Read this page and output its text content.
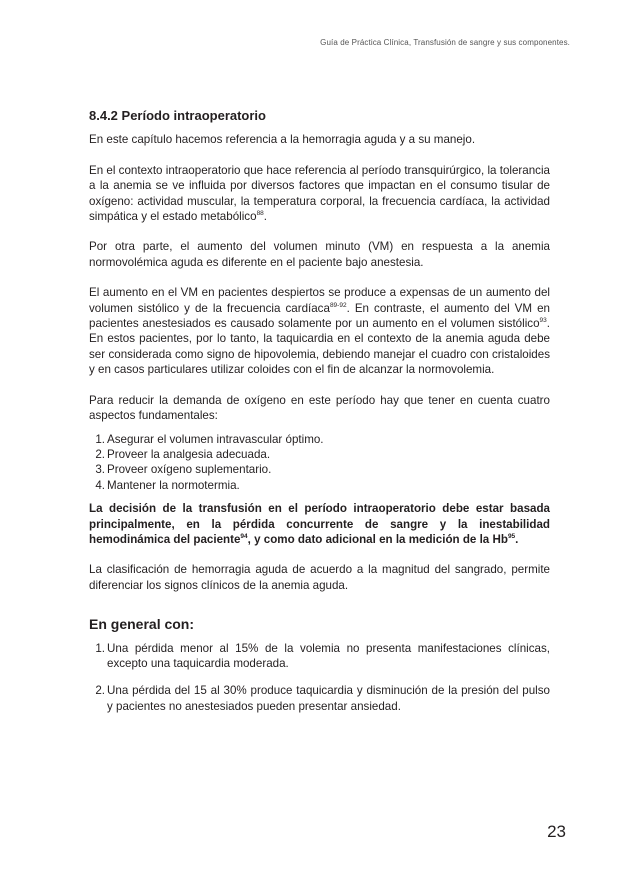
Guía de Práctica Clínica, Transfusión de sangre y sus componentes.
8.4.2 Período intraoperatorio

En este capítulo hacemos referencia a la hemorragia aguda y a su manejo.

En el contexto intraoperatorio que hace referencia al período transquirúrgico, la tolerancia a la anemia se ve influida por diversos factores que impactan en el consumo tisular de oxígeno: actividad muscular, la temperatura corporal, la frecuencia cardíaca, la actividad simpática y el estado metabólico$^{88}$.

Por otra parte, el aumento del volumen minuto (VM) en respuesta a la anemia normovolémica aguda es diferente en el paciente bajo anestesia.

El aumento en el VM en pacientes despiertos se produce a expensas de un aumento del volumen sistólico y de la frecuencia cardíaca$^{89-92}$. En contraste, el aumento del VM en pacientes anestesiados es causado solamente por un aumento en el volumen sistólico$^{93}$. En estos pacientes, por lo tanto, la taquicardia en el contexto de la anemia aguda debe ser considerada como signo de hipovolemia, debiendo manejar el cuadro con cristaloides y en casos particulares utilizar coloides con el fin de alcanzar la normovolemia.

Para reducir la demanda de oxígeno en este período hay que tener en cuenta cuatro aspectos fundamentales:

1. Asegurar el volumen intravascular óptimo.
2. Proveer la analgesia adecuada.
3. Proveer oxígeno suplementario.
4. Mantener la normotermia.

La decisión de la transfusión en el período intraoperatorio debe estar basada principalmente, en la pérdida concurrente de sangre y la inestabilidad hemodinámica del paciente$^{94}$, y como dato adicional en la medición de la Hb$^{95}$.

La clasificación de hemorragia aguda de acuerdo a la magnitud del sangrado, permite diferenciar los signos clínicos de la anemia aguda.

En general con:
1. Una pérdida menor al 15% de la volemia no presenta manifestaciones clínicas, excepto una taquicardia moderada.
2. Una pérdida del 15 al 30% produce taquicardia y disminución de la presión del pulso y pacientes no anestesiados pueden presentar ansiedad.
23
